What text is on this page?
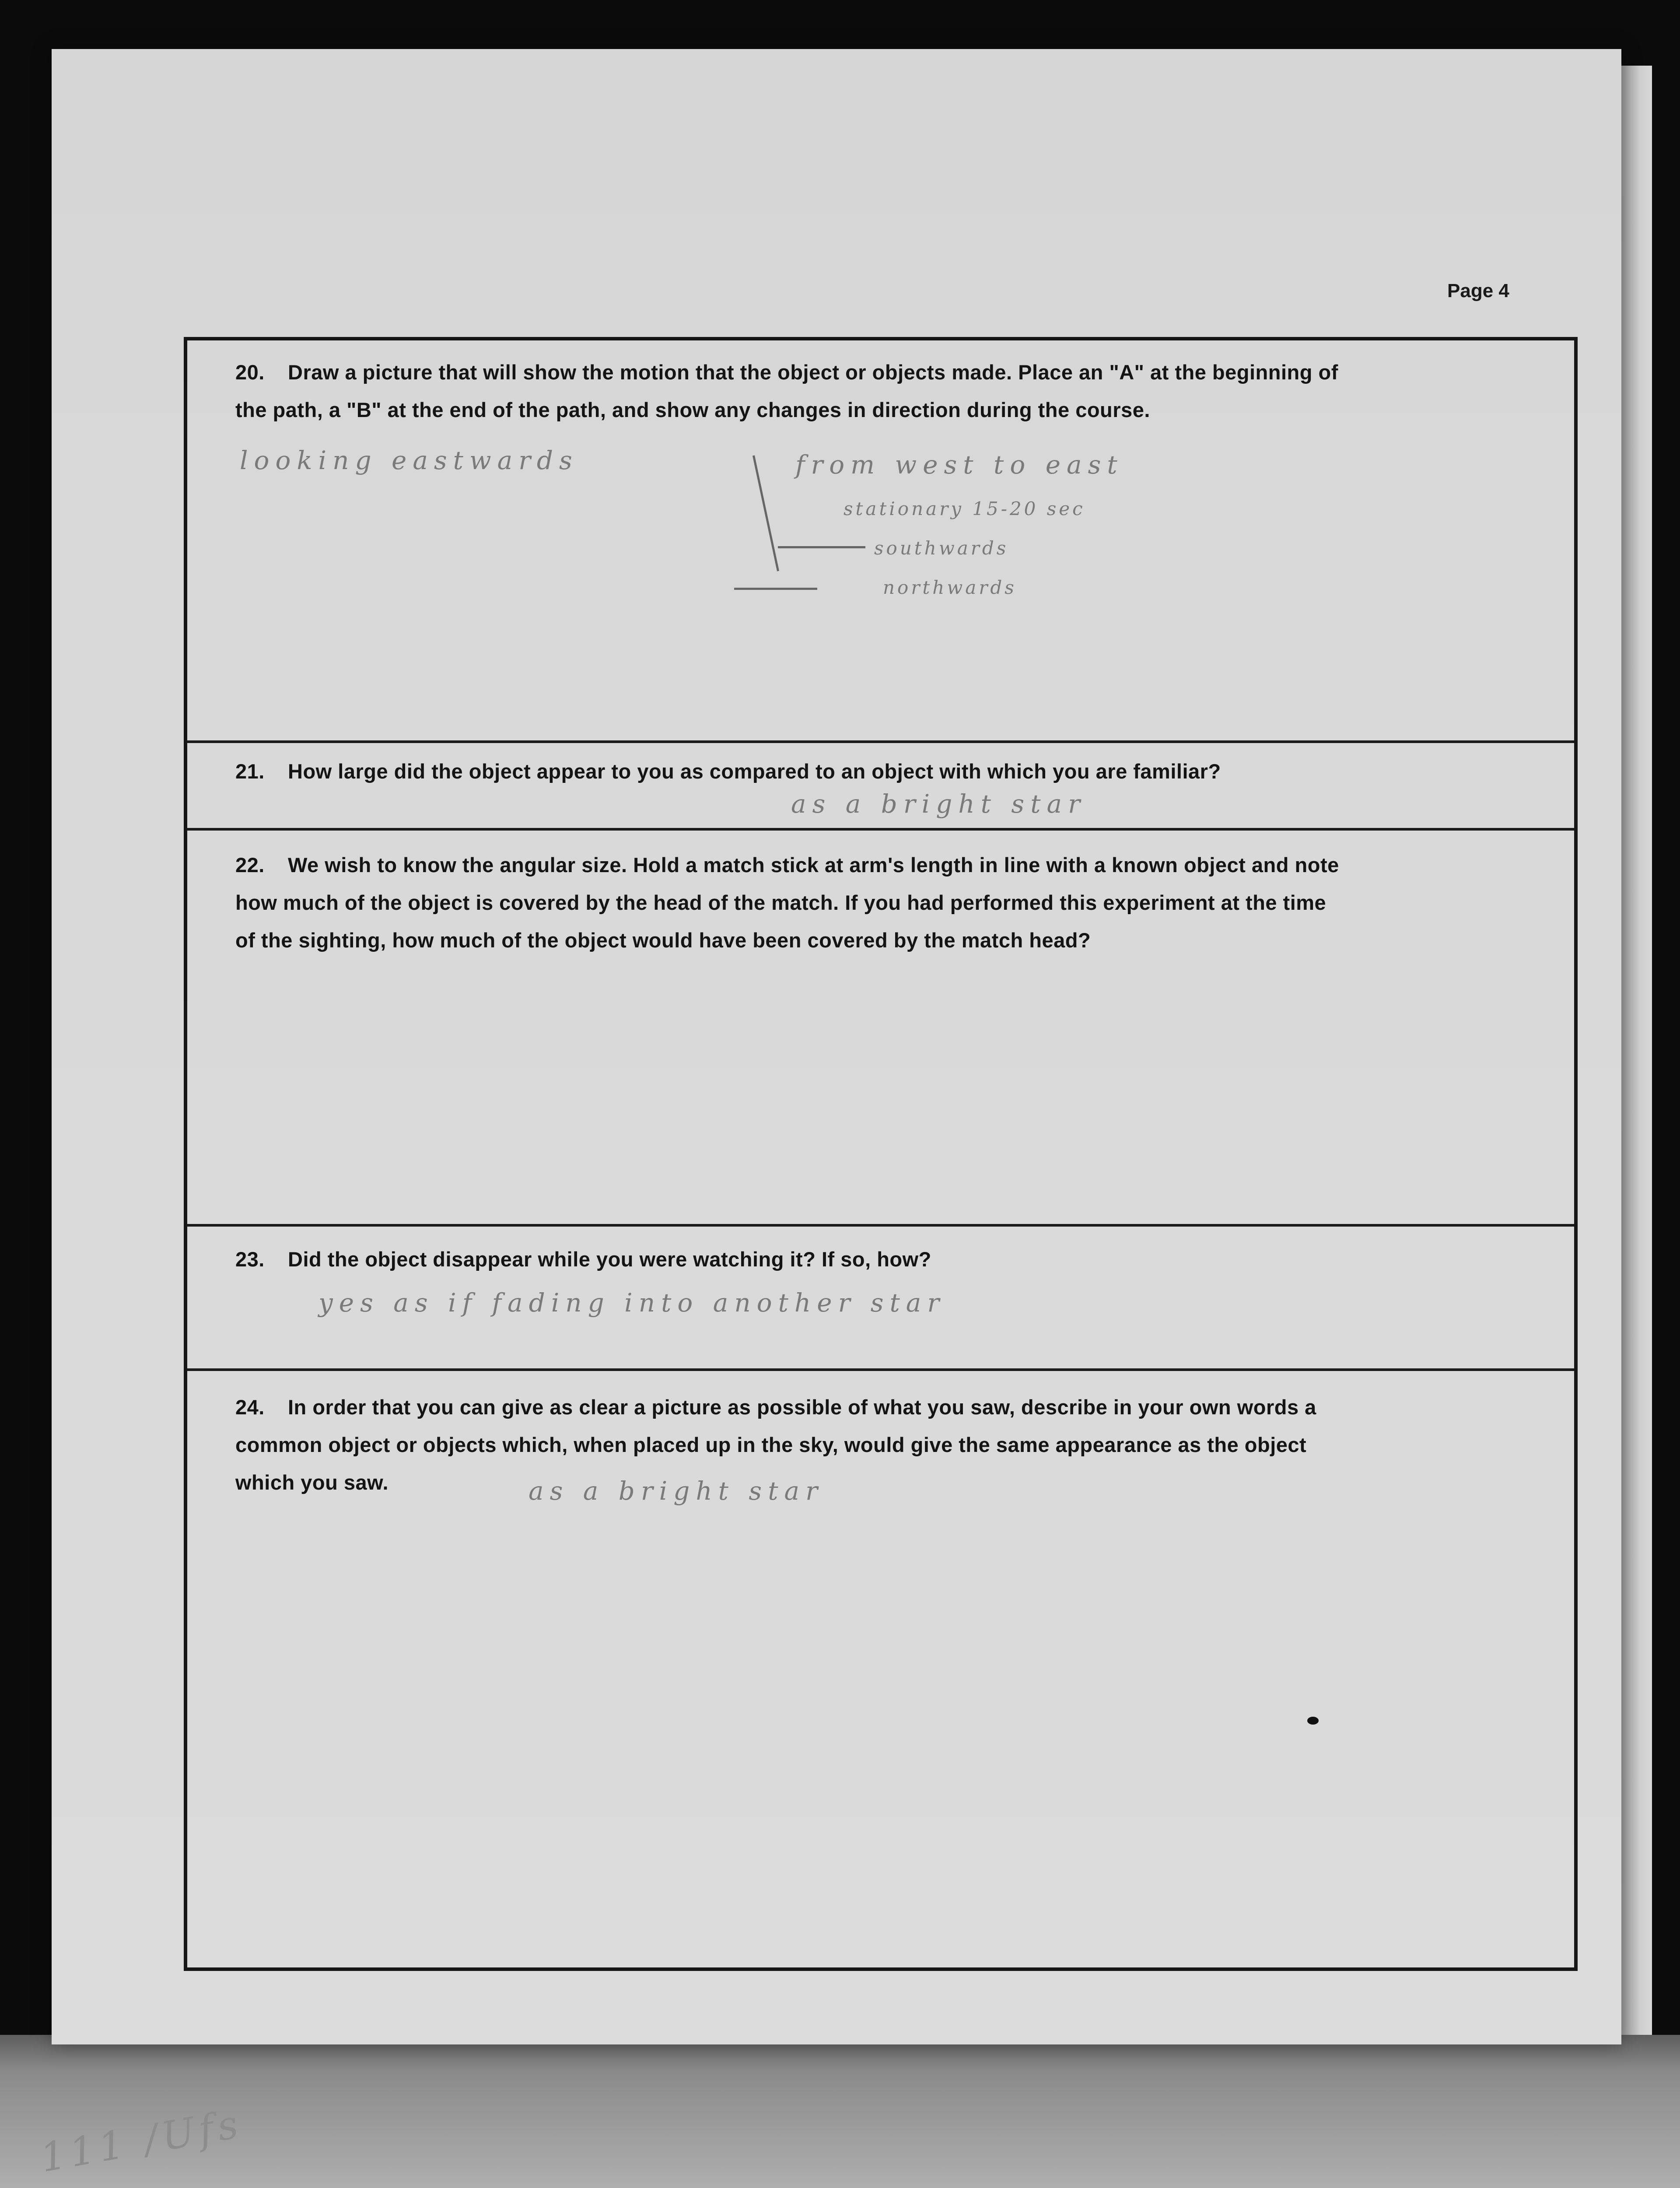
Page 4
20. Draw a picture that will show the motion that the object or objects made. Place an "A" at the beginning of
the path, a "B" at the end of the path, and show any changes in direction during the course.
looking eastwards	from west to east
stationary 15-20 sec
southwards
northwards
21. How large did the object appear to you as compared to an object with which you are familiar?
as a bright star
22. We wish to know the angular size. Hold a match stick at arm's length in line with a known object and note
how much of the object is covered by the head of the match. If you had performed this experiment at the time
of the sighting, how much of the object would have been covered by the match head?
23. Did the object disappear while you were watching it? If so, how?
yes as if fading into another star
24. In order that you can give as clear a picture as possible of what you saw, describe in your own words a
common object or objects which, when placed up in the sky, would give the same appearance as the object
which you saw.	as a bright star
111 /Ufs
